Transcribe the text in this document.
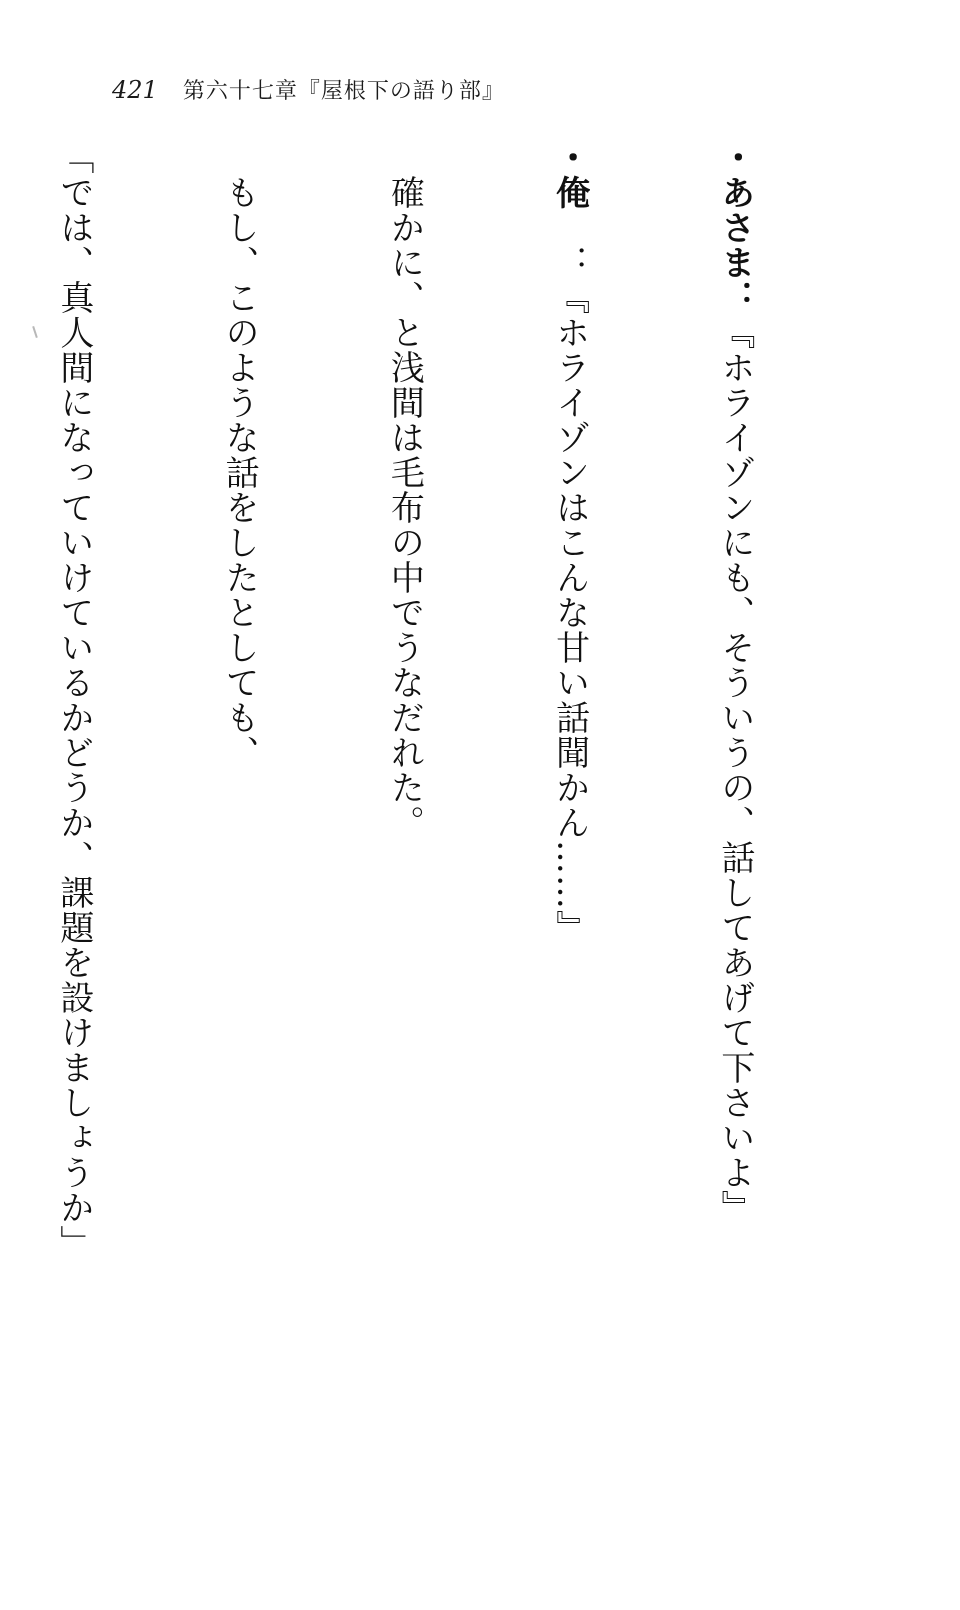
421 第六十七章『屋根下の語り部』

・あさま：『ホライゾンにも、そういうの、話してあげて下さいよ』

・俺　：『ホライゾンはこんな甘い話聞かん……』

　確かに、と浅間は毛布の中でうなだれた。

　もし、このような話をしたとしても、

「では、真人間になっていけているかどうか、課題を設けましょうか」
